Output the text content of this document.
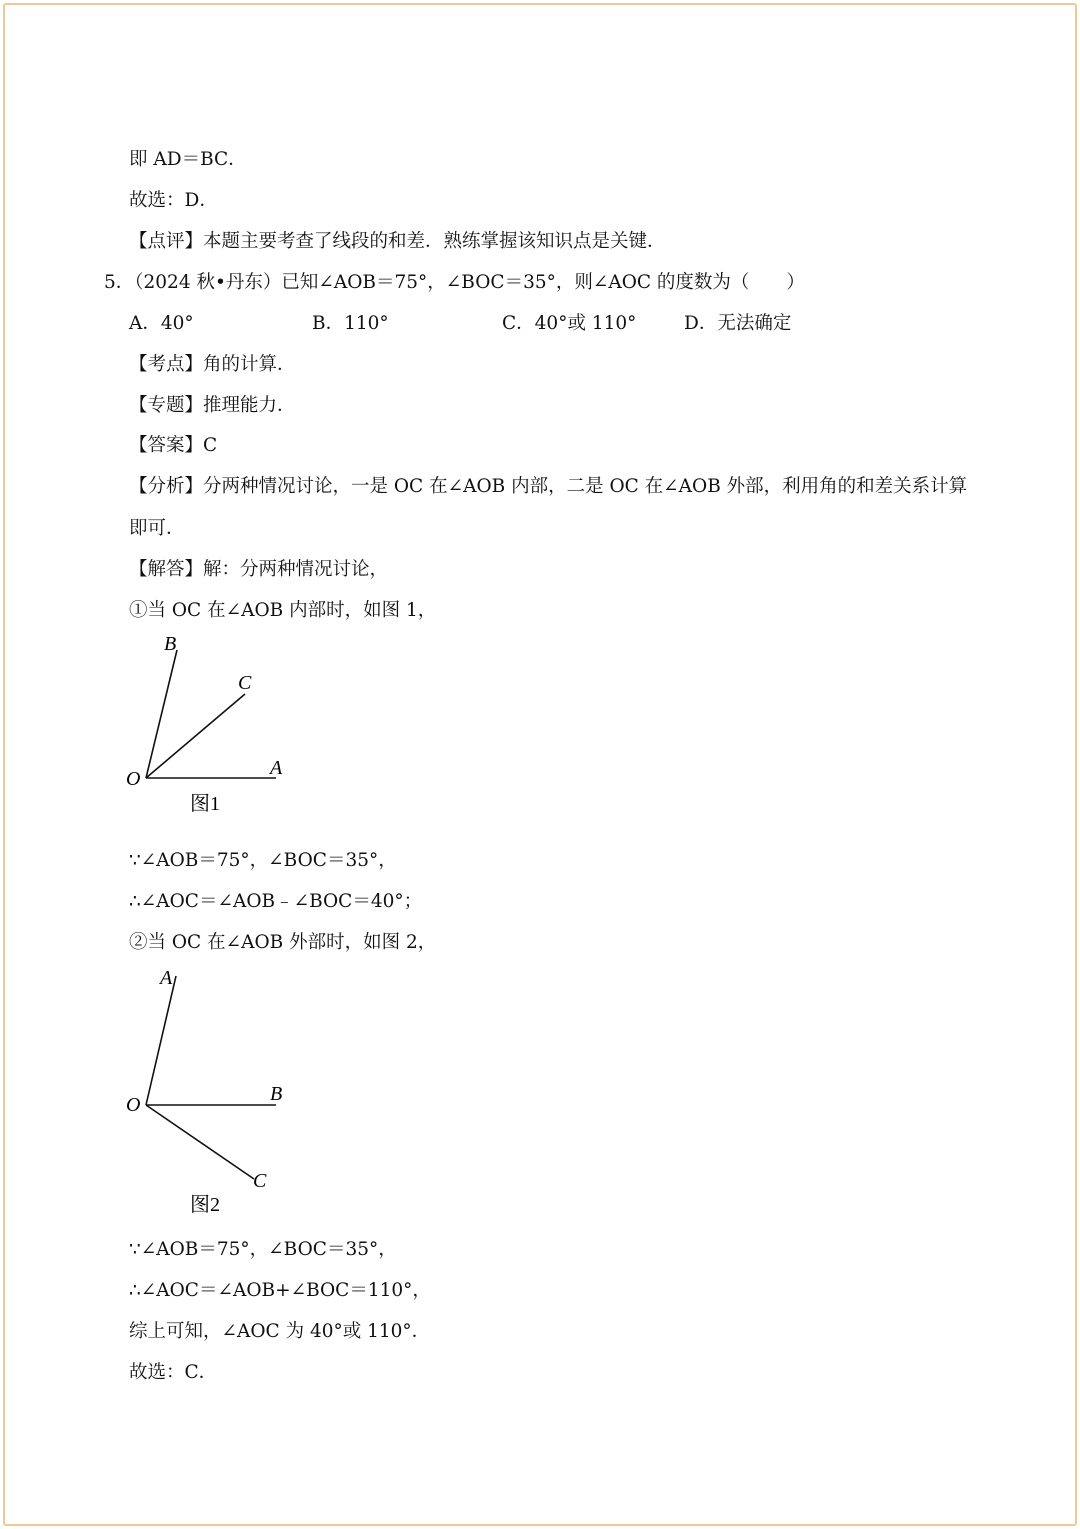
即 AD＝BC．
故选：D．
【点评】本题主要考查了线段的和差．熟练掌握该知识点是关键．
5．（2024 秋•丹东）已知∠AOB＝75°，∠BOC＝35°，则∠AOC 的度数为（　　）
A．40°	B．110°	C．40°或 110°	D．无法确定
【考点】角的计算．
【专题】推理能力．
【答案】C
【分析】分两种情况讨论，一是 OC 在∠AOB 内部，二是 OC 在∠AOB 外部，利用角的和差关系计算
即可．
【解答】解：分两种情况讨论，
①当 OC 在∠AOB 内部时，如图 1，
O	A
B
C
图1
∵∠AOB＝75°，∠BOC＝35°，
∴∠AOC＝∠AOB﹣∠BOC＝40°；
②当 OC 在∠AOB 外部时，如图 2，
O
A
B
C
图2
∵∠AOB＝75°，∠BOC＝35°，
∴∠AOC＝∠AOB+∠BOC＝110°，
综上可知，∠AOC 为 40°或 110°．
故选：C．
